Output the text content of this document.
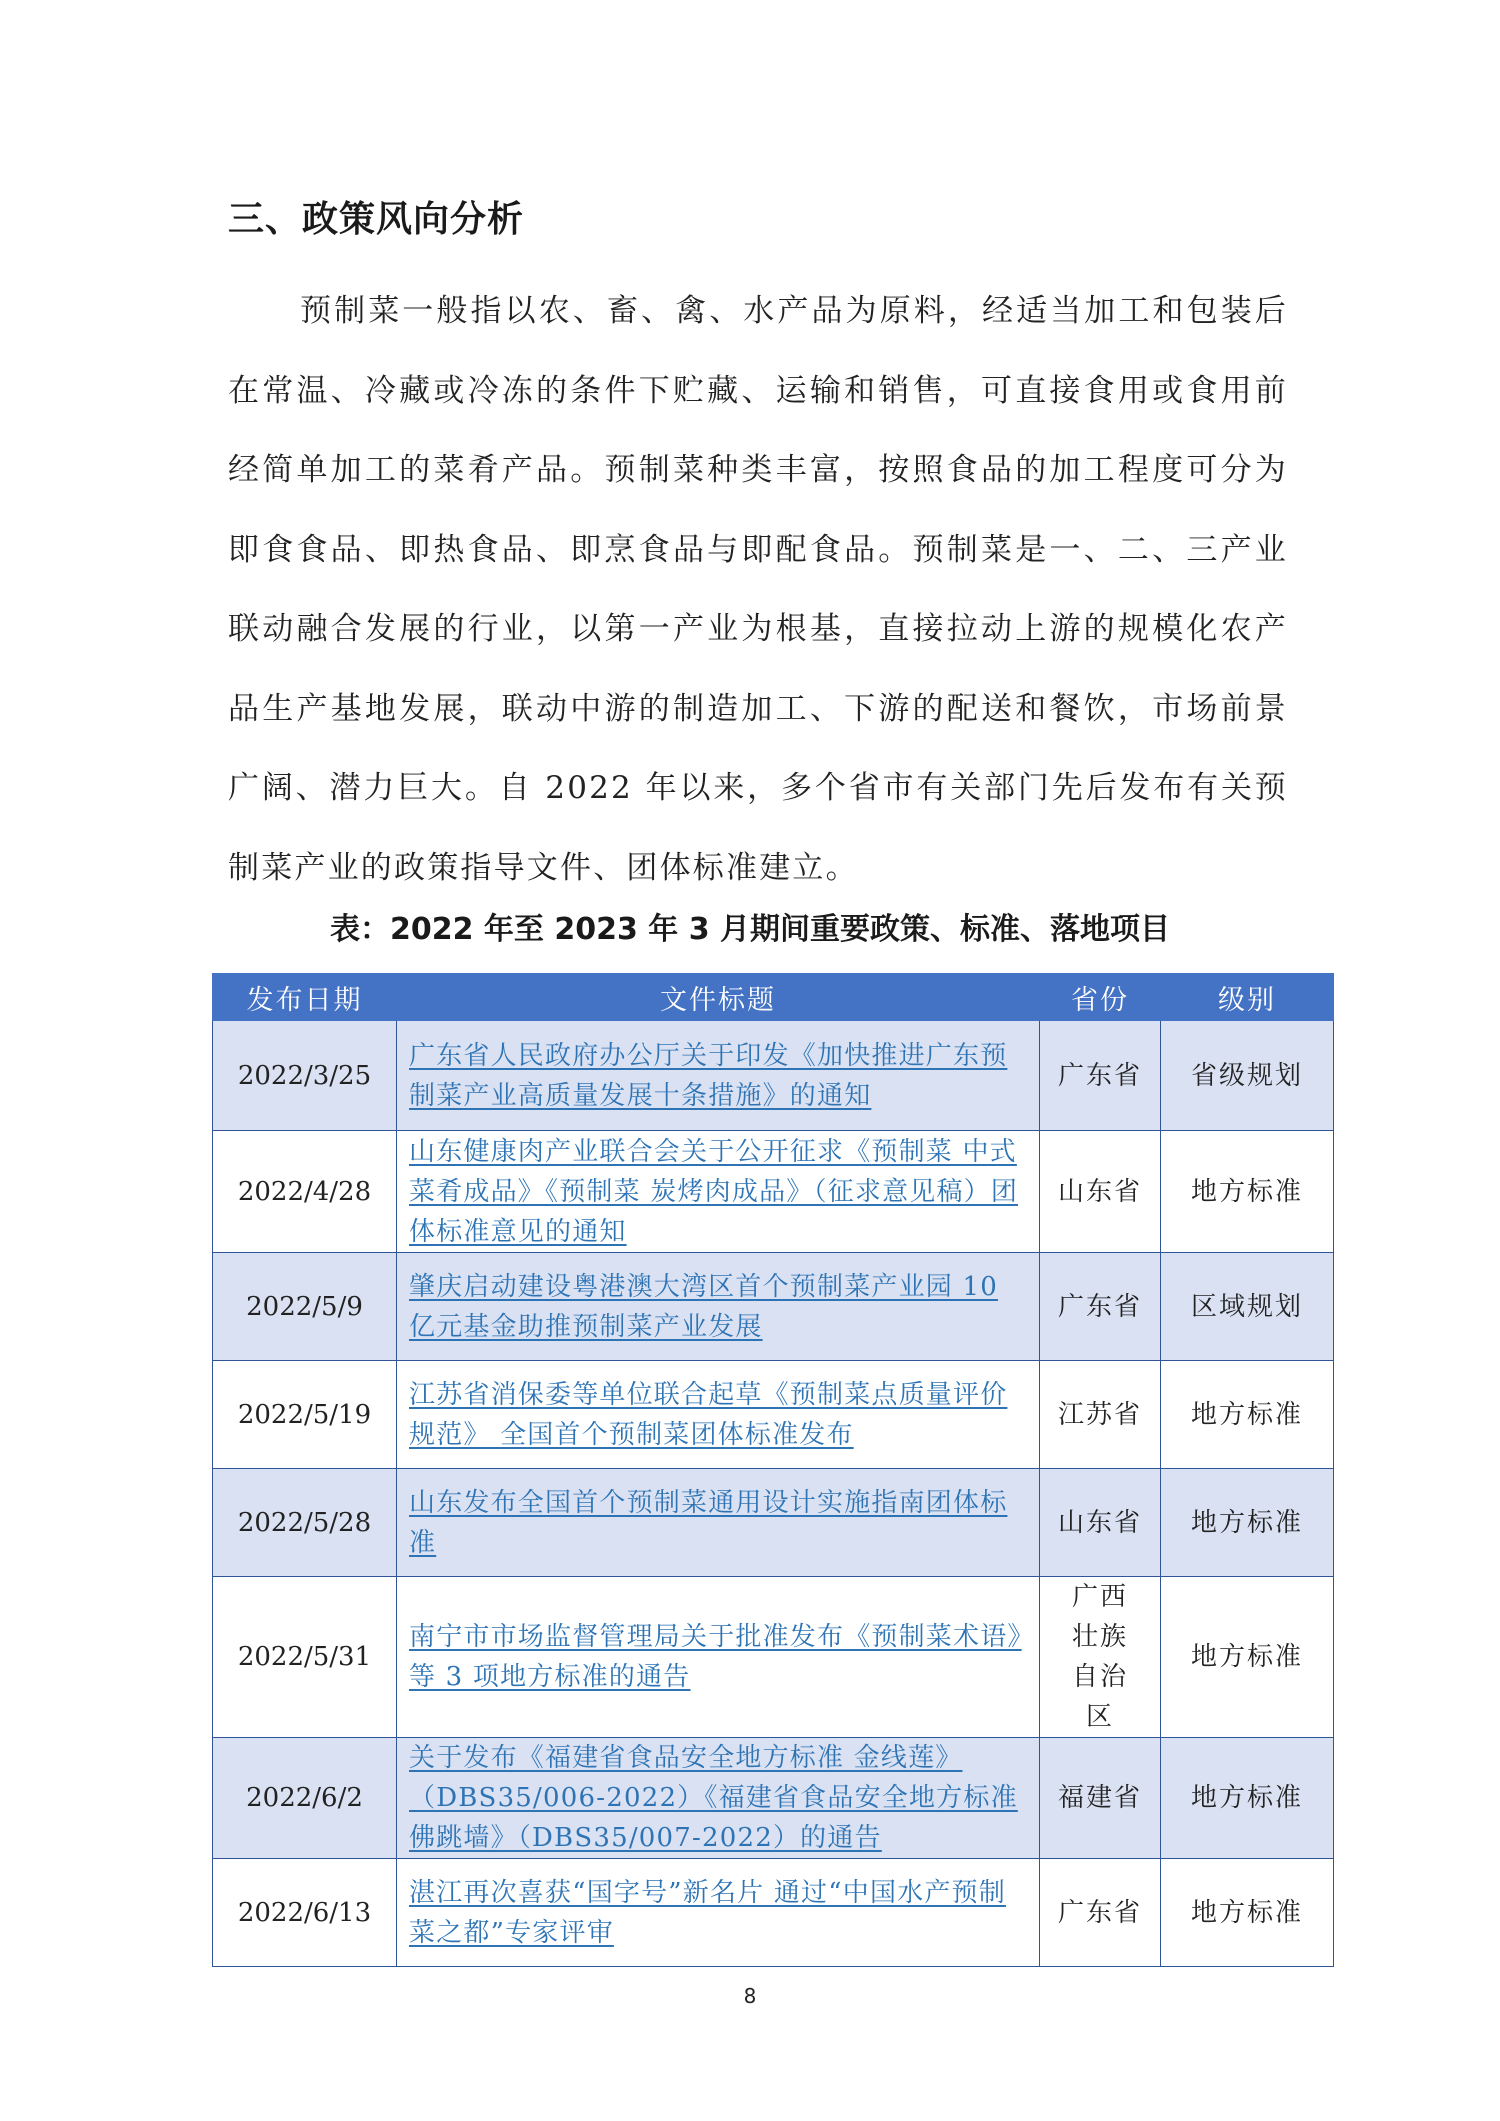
三、政策风向分析

预制菜一般指以农、畜、禽、水产品为原料，经适当加工和包装后在常温、冷藏或冷冻的条件下贮藏、运输和销售，可直接食用或食用前经简单加工的菜肴产品。预制菜种类丰富，按照食品的加工程度可分为即食食品、即热食品、即烹食品与即配食品。预制菜是一、二、三产业联动融合发展的行业，以第一产业为根基，直接拉动上游的规模化农产品生产基地发展，联动中游的制造加工、下游的配送和餐饮，市场前景广阔、潜力巨大。自 2022 年以来，多个省市有关部门先后发布有关预制菜产业的政策指导文件、团体标准建立。

表：2022 年至 2023 年 3 月期间重要政策、标准、落地项目

发布日期	文件标题	省份	级别
2022/3/25	广东省人民政府办公厅关于印发《加快推进广东预制菜产业高质量发展十条措施》的通知	广东省	省级规划
2022/4/28	山东健康肉产业联合会关于公开征求《预制菜 中式菜肴成品》《预制菜 炭烤肉成品》（征求意见稿）团体标准意见的通知	山东省	地方标准
2022/5/9	肇庆启动建设粤港澳大湾区首个预制菜产业园 10 亿元基金助推预制菜产业发展	广东省	区域规划
2022/5/19	江苏省消保委等单位联合起草《预制菜点质量评价规范》 全国首个预制菜团体标准发布	江苏省	地方标准
2022/5/28	山东发布全国首个预制菜通用设计实施指南团体标准	山东省	地方标准
2022/5/31	南宁市市场监督管理局关于批准发布《预制菜术语》等 3 项地方标准的通告	广西壮族自治区	地方标准
2022/6/2	关于发布《福建省食品安全地方标准 金线莲》（DBS35/006-2022）《福建省食品安全地方标准 佛跳墙》（DBS35/007-2022）的通告	福建省	地方标准
2022/6/13	湛江再次喜获“国字号”新名片 通过“中国水产预制菜之都”专家评审	广东省	地方标准

8
